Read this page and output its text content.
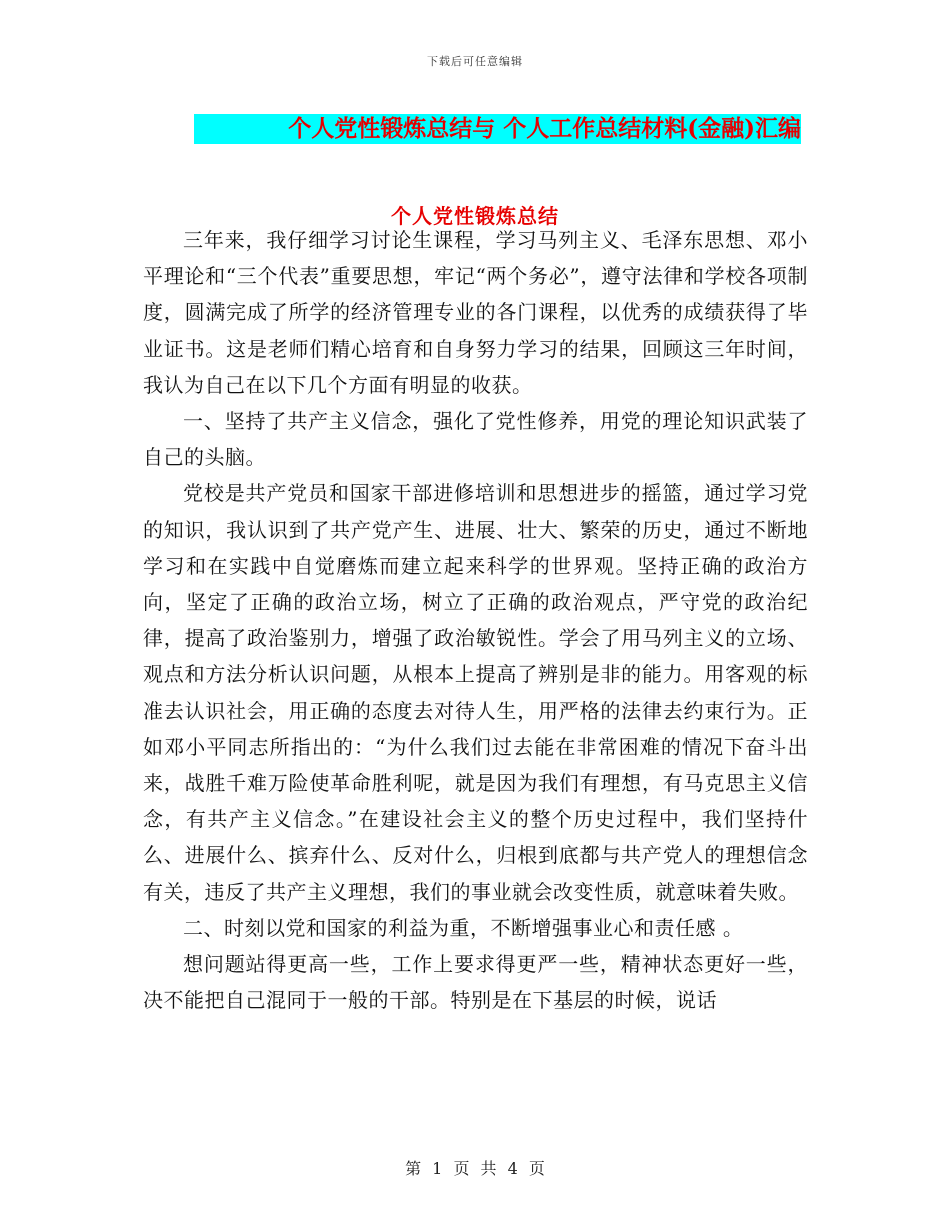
下载后可任意编辑
个人党性锻炼总结与 个人工作总结材料(金融)汇编
个人党性锻炼总结

三年来，我仔细学习讨论生课程，学习马列主义、毛泽东思想、邓小平理论和“三个代表”重要思想，牢记“两个务必”，遵守法律和学校各项制度，圆满完成了所学的经济管理专业的各门课程，以优秀的成绩获得了毕业证书。这是老师们精心培育和自身努力学习的结果，回顾这三年时间，我认为自己在以下几个方面有明显的收获。

一、坚持了共产主义信念，强化了党性修养，用党的理论知识武装了自己的头脑。

党校是共产党员和国家干部进修培训和思想进步的摇篮，通过学习党的知识，我认识到了共产党产生、进展、壮大、繁荣的历史，通过不断地学习和在实践中自觉磨炼而建立起来科学的世界观。坚持正确的政治方向，坚定了正确的政治立场，树立了正确的政治观点，严守党的政治纪律，提高了政治鉴别力，增强了政治敏锐性。学会了用马列主义的立场、观点和方法分析认识问题，从根本上提高了辨别是非的能力。用客观的标准去认识社会，用正确的态度去对待人生，用严格的法律去约束行为。正如邓小平同志所指出的：“为什么我们过去能在非常困难的情况下奋斗出来，战胜千难万险使革命胜利呢，就是因为我们有理想，有马克思主义信念，有共产主义信念。”在建设社会主义的整个历史过程中，我们坚持什么、进展什么、摈弃什么、反对什么，归根到底都与共产党人的理想信念有关，违反了共产主义理想，我们的事业就会改变性质，就意味着失败。

二、时刻以党和国家的利益为重，不断增强事业心和责任感 。

想问题站得更高一些，工作上要求得更严一些，精神状态更好一些，决不能把自己混同于一般的干部。特别是在下基层的时候，说话

第 1 页 共 4 页
